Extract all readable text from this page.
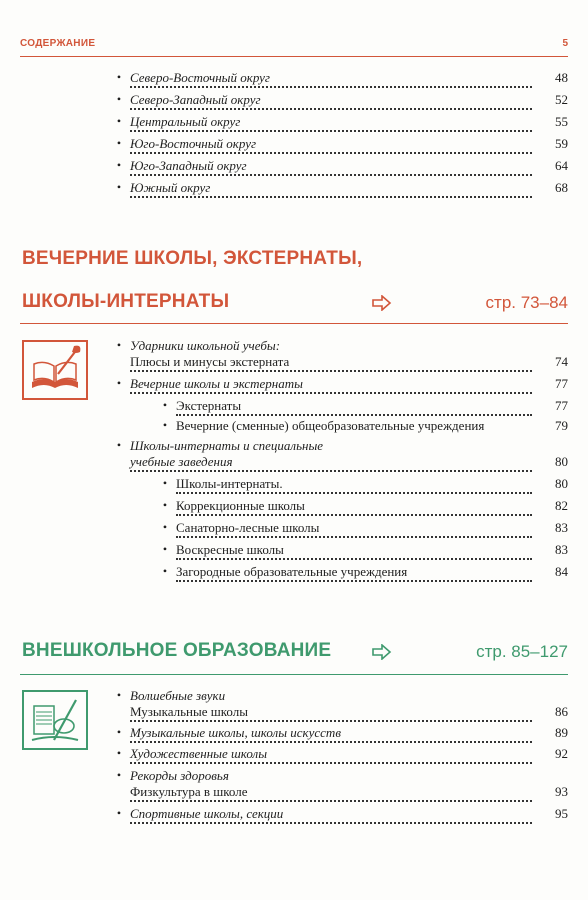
СОДЕРЖАНИЕ	5
• Северо-Восточный округ	48
• Северо-Западный округ	52
• Центральный округ	55
• Юго-Восточный округ	59
• Юго-Западный округ	64
• Южный округ	68
ВЕЧЕРНИЕ ШКОЛЫ, ЭКСТЕРНАТЫ,
ШКОЛЫ-ИНТЕРНАТЫ	стр. 73–84
• Ударники школьной учебы:
Плюсы и минусы экстерната	74
• Вечерние школы и экстернаты	77
• Экстернаты	77
• Вечерние (сменные) общеобразовательные учреждения	79
• Школы-интернаты и специальные
учебные заведения	80
• Школы-интернаты.	80
• Коррекционные школы	82
• Санаторно-лесные школы	83
• Воскресные школы	83
• Загородные образовательные учреждения	84
ВНЕШКОЛЬНОЕ ОБРАЗОВАНИЕ	стр. 85–127
• Волшебные звуки
Музыкальные школы	86
• Музыкальные школы, школы искусств	89
• Художественные школы	92
• Рекорды здоровья
Физкультура в школе	93
• Спортивные школы, секции	95
